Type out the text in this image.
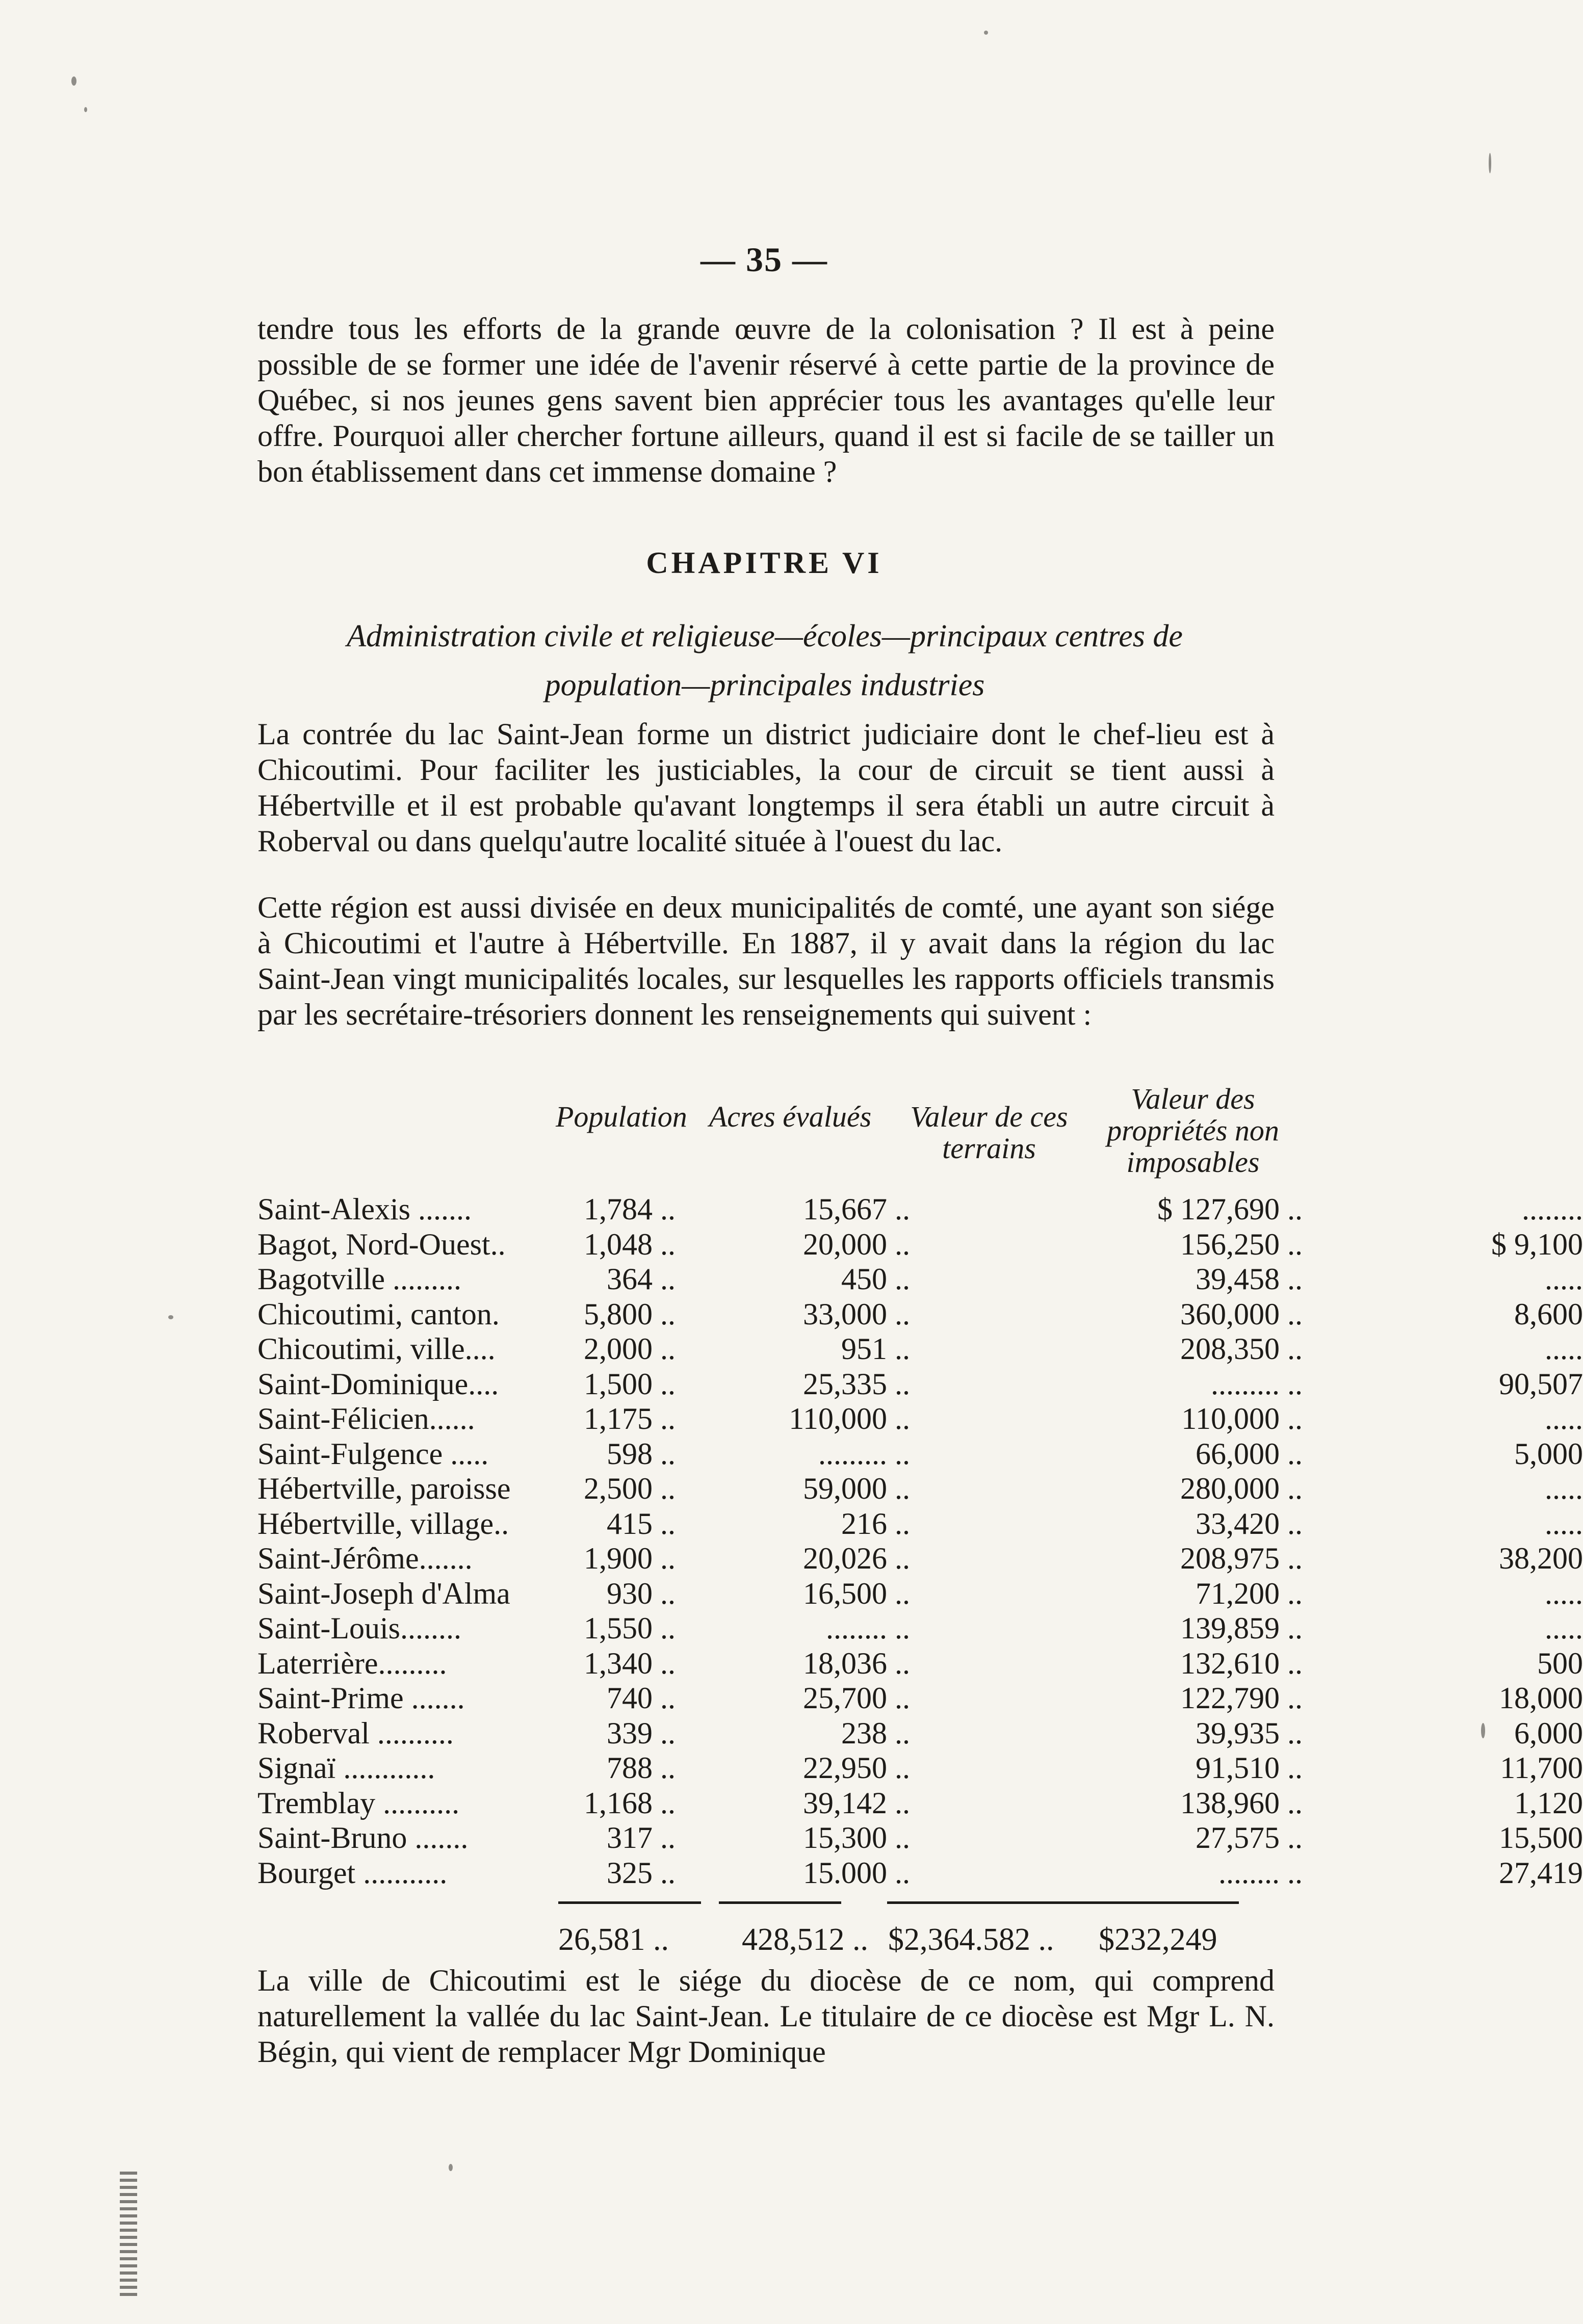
— 35 —

tendre tous les efforts de la grande œuvre de la colonisation ? Il est à peine possible de se former une idée de l'avenir réservé à cette partie de la province de Québec, si nos jeunes gens savent bien apprécier tous les avantages qu'elle leur offre. Pourquoi aller chercher fortune ailleurs, quand il est si facile de se tailler un bon établissement dans cet immense domaine ?

CHAPITRE VI
Administration civile et religieuse—écoles—principaux centres de population—principales industries

La contrée du lac Saint-Jean forme un district judiciaire dont le chef-lieu est à Chicoutimi. Pour faciliter les justiciables, la cour de circuit se tient aussi à Hébertville et il est probable qu'avant longtemps il sera établi un autre circuit à Roberval ou dans quelqu'autre localité située à l'ouest du lac.

Cette région est aussi divisée en deux municipalités de comté, une ayant son siége à Chicoutimi et l'autre à Hébertville. En 1887, il y avait dans la région du lac Saint-Jean vingt municipalités locales, sur lesquelles les rapports officiels transmis par les secrétaire-trésoriers donnent les renseignements qui suivent :

Population Acres évalués	Valeur de ces terrains
Valeur des propriétés non imposables
Saint-Alexis .......	1,784 ..	15,667 ..	$ 127,690 ..	........
Bagot, Nord-Ouest..	1,048 ..	20,000 ..	156,250 ..	$ 9,100
Bagotville .........	364 ..	450 ..	39,458 ..	.....
Chicoutimi, canton.	5,800 ..	33,000 ..	360,000 ..	8,600
Chicoutimi, ville....	2,000 ..	951 ..	208,350 ..	.....
Saint-Dominique....	1,500 ..	25,335 ..	......... ..	90,507
Saint-Félicien......	1,175 ..	110,000 ..	110,000 ..	.....
Saint-Fulgence .....	598 ..	......... ..	66,000 ..	5,000
Hébertville, paroisse	2,500 ..	59,000 ..	280,000 ..	.....
Hébertville, village..	415 ..	216 ..	33,420 ..	.....
Saint-Jérôme.......	1,900 ..	20,026 ..	208,975 ..	38,200
Saint-Joseph d'Alma	930 ..	16,500 ..	71,200 ..	.....
Saint-Louis........	1,550 ..	........ ..	139,859 ..	.....
Laterrière.........	1,340 ..	18,036 ..	132,610 ..	500
Saint-Prime .......	740 ..	25,700 ..	122,790 ..	18,000
Roberval ..........	339 ..	238 ..	39,935 ..	6,000
Signaï ............	788 ..	22,950 ..	91,510 ..	11,700
Tremblay ..........	1,168 ..	39,142 ..	138,960 ..	1,120
Saint-Bruno .......	317 ..	15,300 ..	27,575 ..	15,500
Bourget ...........	325 ..	15.000 ..	........ ..	27,419
26,581 .. 428,512 .. $2,364.582 .. $232,249

La ville de Chicoutimi est le siége du diocèse de ce nom, qui comprend naturellement la vallée du lac Saint-Jean. Le titulaire de ce diocèse est Mgr L. N. Bégin, qui vient de remplacer Mgr Dominique
